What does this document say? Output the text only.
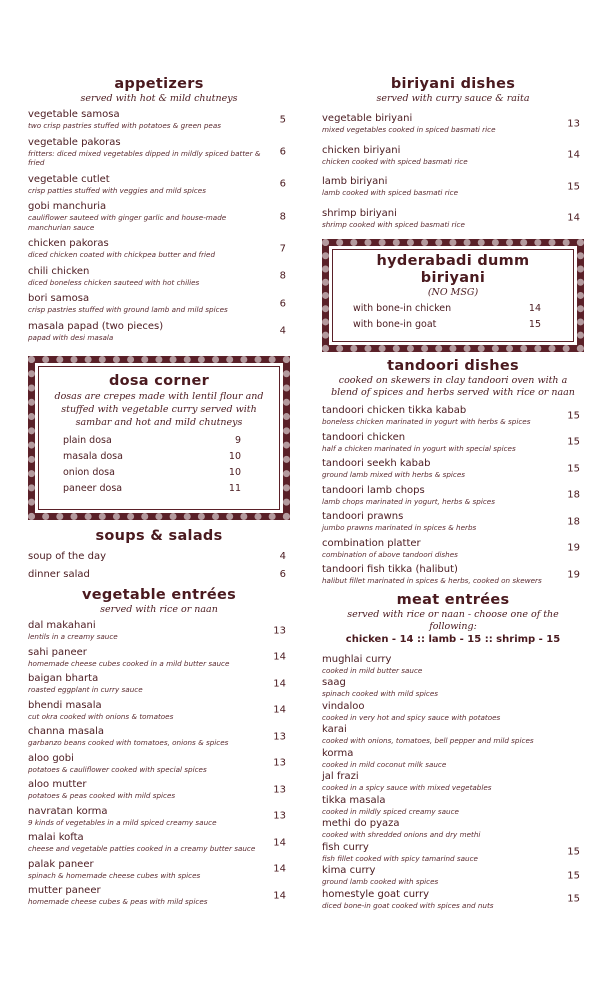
appetizers
served with hot & mild chutneys
vegetable samosa
two crisp pastries stuffed with potatoes & green peas
5
vegetable pakoras
fritters: diced mixed vegetables dipped in mildly spiced batter & fried
6
vegetable cutlet
crisp patties stuffed with veggies and mild spices
6
gobi manchuria
cauliflower sauteed with ginger garlic and house-made manchurian sauce
8
chicken pakoras
diced chicken coated with chickpea butter and fried
7
chili chicken
diced boneless chicken sauteed with hot chilies
8
bori samosa
crisp pastries stuffed with ground lamb and mild spices
6
masala papad (two pieces)
papad with desi masala
4
dosa corner
dosas are crepes made with lentil flour and stuffed with vegetable curry served with sambar and hot and mild chutneys
plain dosa	9
masala dosa	10
onion dosa	10
paneer dosa	11
soups & salads
soup of the day	4
dinner salad	6
vegetable entrées
served with rice or naan
dal makahani
lentils in a creamy sauce
13
sahi paneer
homemade cheese cubes cooked in a mild butter sauce
14
baigan bharta
roasted eggplant in curry sauce
14
bhendi masala
cut okra cooked with onions & tomatoes
14
channa masala
garbanzo beans cooked with tomatoes, onions & spices
13
aloo gobi
potatoes & cauliflower cooked with special spices
13
aloo mutter
potatoes & peas cooked with mild spices
13
navratan korma
9 kinds of vegetables in a mild spiced creamy sauce
13
malai kofta
cheese and vegetable patties cooked in a creamy butter sauce
14
palak paneer
spinach & homemade cheese cubes with spices
14
mutter paneer
homemade cheese cubes & peas with mild spices
14
biriyani dishes
served with curry sauce & raita
vegetable biriyani
mixed vegetables cooked in spiced basmati rice
13
chicken biriyani
chicken cooked with spiced basmati rice
14
lamb biriyani
lamb cooked with spiced basmati rice
15
shrimp biriyani
shrimp cooked with spiced basmati rice
14
hyderabadi dumm biriyani
(NO MSG)
with bone-in chicken	14
with bone-in goat	15
tandoori dishes
cooked on skewers in clay tandoori oven with a blend of spices and herbs served with rice or naan
tandoori chicken tikka kabab
boneless chicken marinated in yogurt with herbs & spices
15
tandoori chicken
half a chicken marinated in yogurt with special spices
15
tandoori seekh kabab
ground lamb mixed with herbs & spices
15
tandoori lamb chops
lamb chops marinated in yogurt, herbs & spices
18
tandoori prawns
jumbo prawns marinated in spices & herbs
18
combination platter
combination of above tandoori dishes
19
tandoori fish tikka (halibut)
halibut fillet marinated in spices & herbs, cooked on skewers
19
meat entrées
served with rice or naan - choose one of the following:
chicken - 14 :: lamb - 15 :: shrimp - 15
mughlai curry
cooked in mild butter sauce
saag
spinach cooked with mild spices
vindaloo
cooked in very hot and spicy sauce with potatoes
karai
cooked with onions, tomatoes, bell pepper and mild spices
korma
cooked in mild coconut milk sauce
jal frazi
cooked in a spicy sauce with mixed vegetables
tikka masala
cooked in mildly spiced creamy sauce
methi do pyaza
cooked with shredded onions and dry methi
fish curry
fish fillet cooked with spicy tamarind sauce
15
kima curry
ground lamb cooked with spices
15
homestyle goat curry
diced bone-in goat cooked with spices and nuts
15
